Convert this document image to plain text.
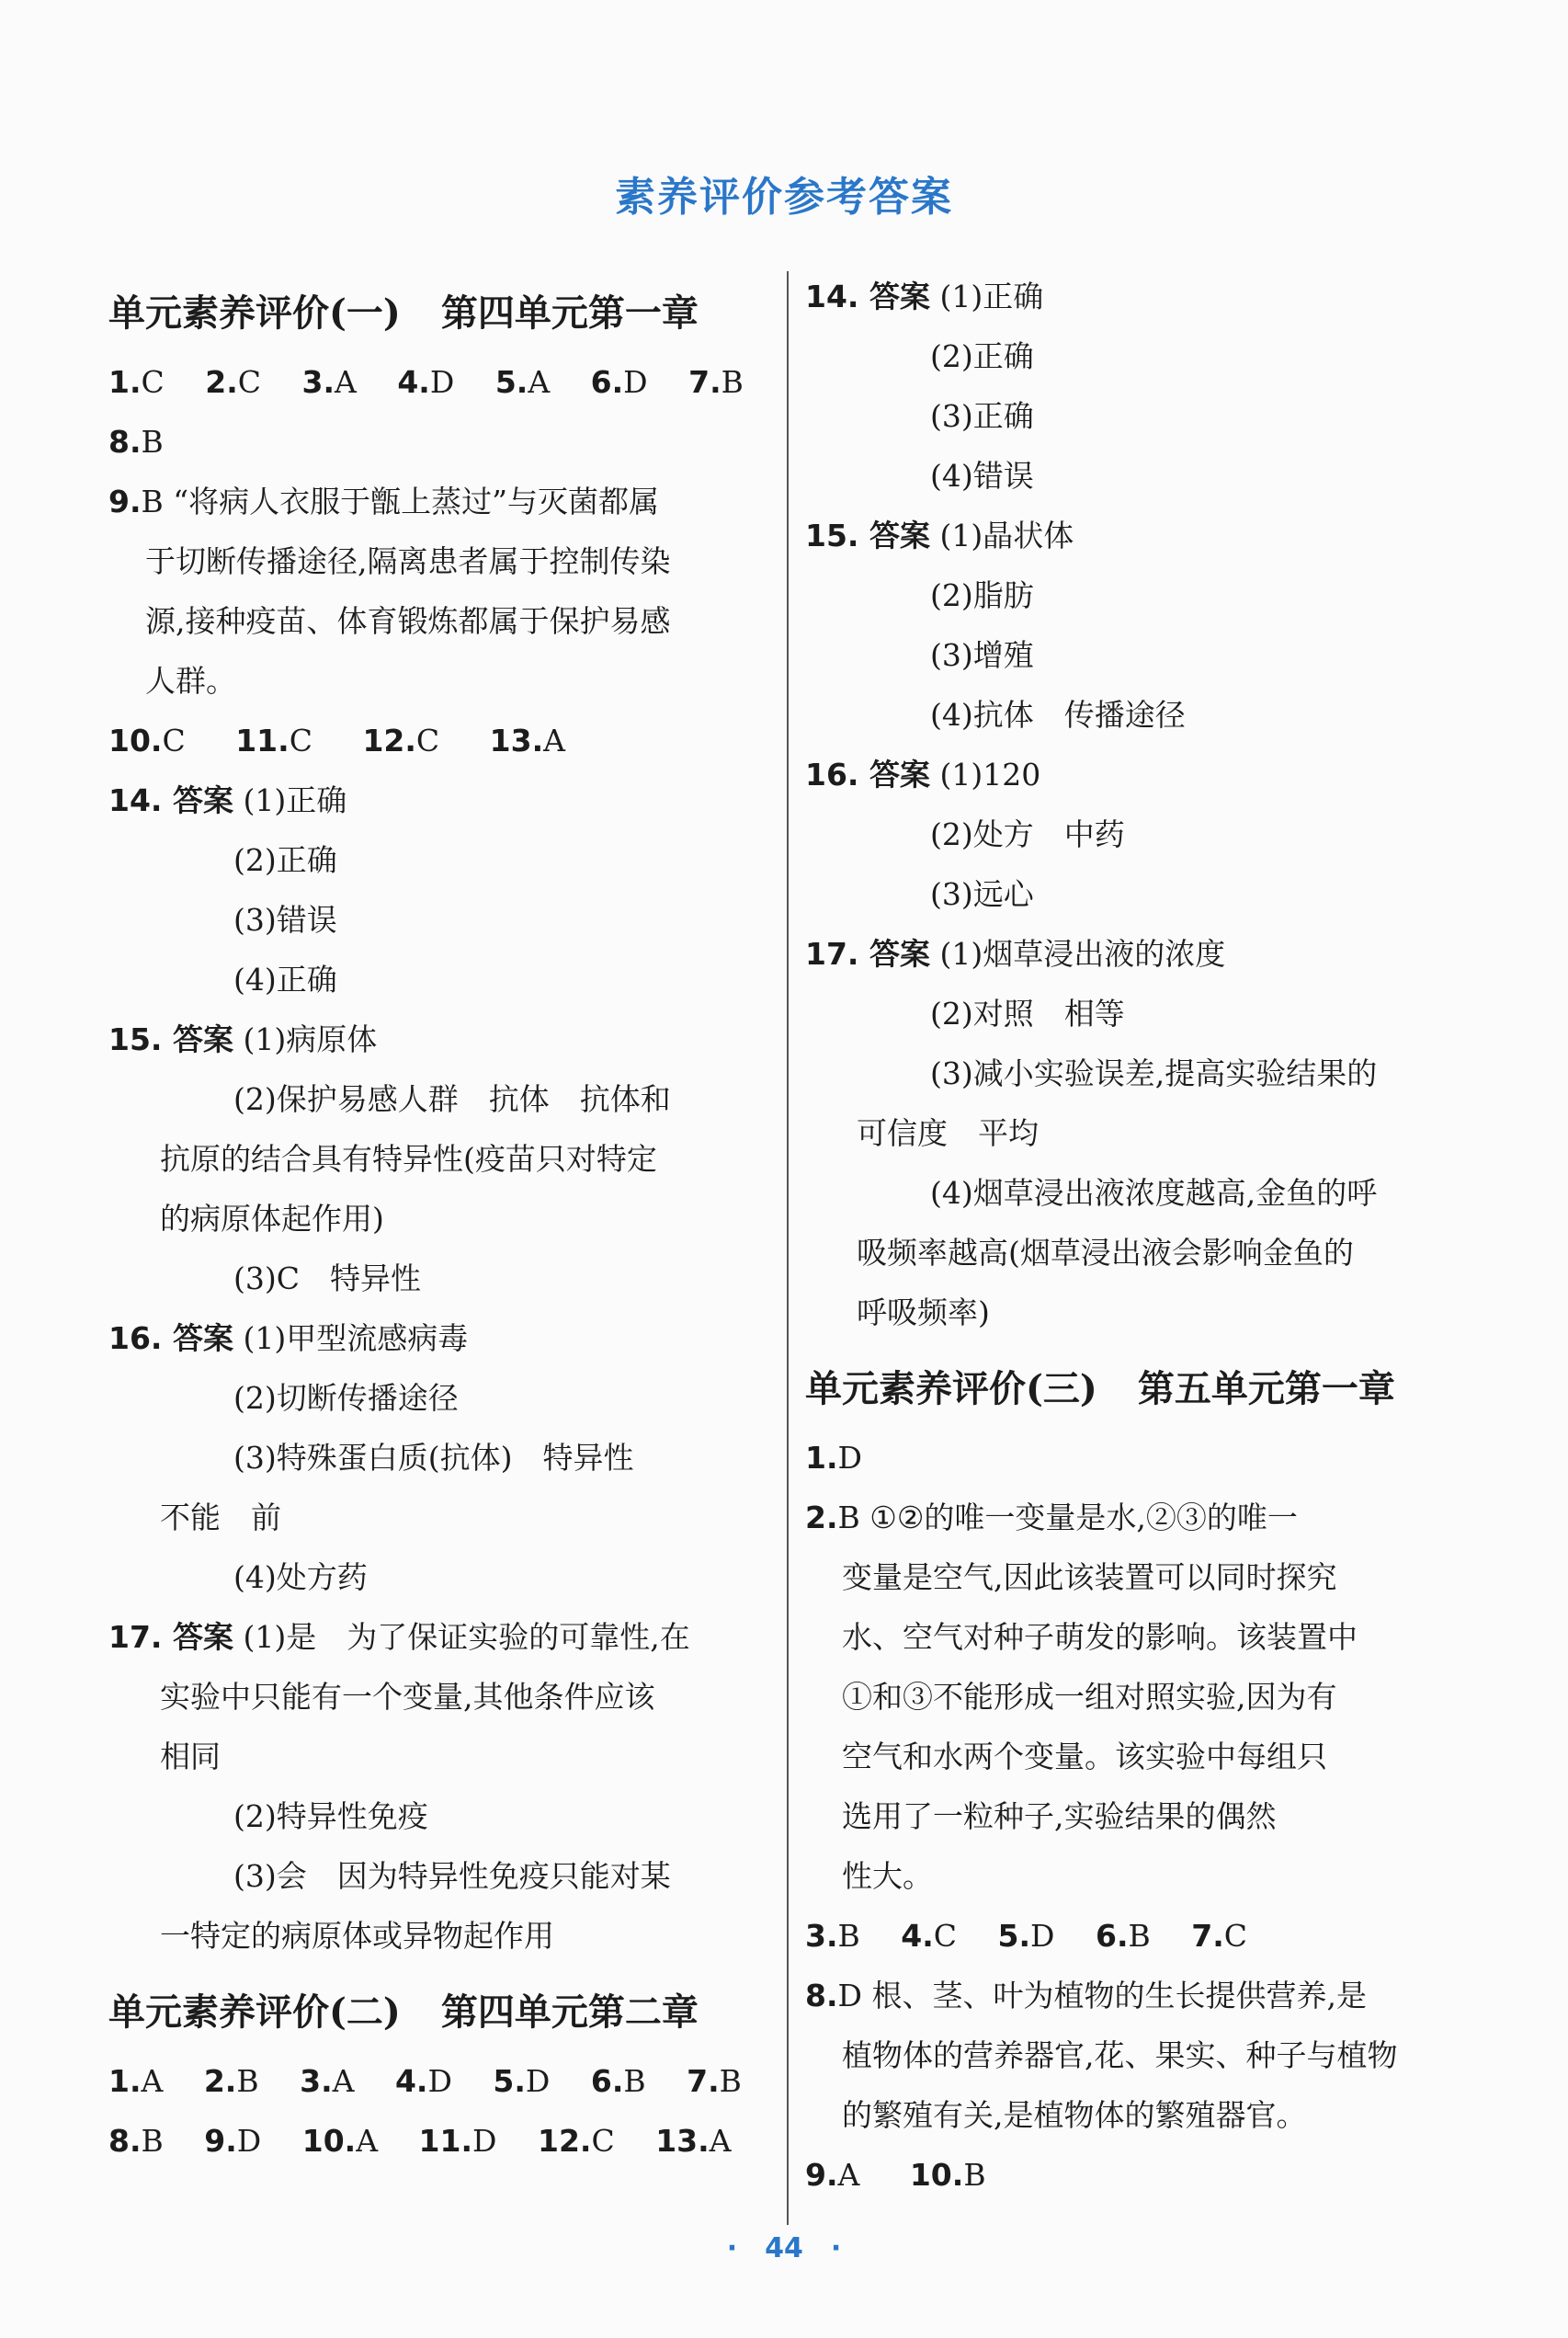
素养评价参考答案
单元素养评价(一) 第四单元第一章
1.C 2.C 3.A 4.D 5.A 6.D 7.B
8.B
9.B “将病人衣服于甑上蒸过”与灭菌都属
于切断传播途径,隔离患者属于控制传染
源,接种疫苗、体育锻炼都属于保护易感
人群。
10.C 11.C 12.C 13.A
14. 答案 (1)正确
(2)正确
(3)错误
(4)正确
15. 答案 (1)病原体
(2)保护易感人群　抗体　抗体和
抗原的结合具有特异性(疫苗只对特定
的病原体起作用)
(3)C　特异性
16. 答案 (1)甲型流感病毒
(2)切断传播途径
(3)特殊蛋白质(抗体)　特异性
不能　前
(4)处方药
17. 答案 (1)是　为了保证实验的可靠性,在
实验中只能有一个变量,其他条件应该
相同
(2)特异性免疫
(3)会　因为特异性免疫只能对某
一特定的病原体或异物起作用
单元素养评价(二) 第四单元第二章
1.A 2.B 3.A 4.D 5.D 6.B 7.B
8.B 9.D 10.A 11.D 12.C 13.A
14. 答案 (1)正确
(2)正确
(3)正确
(4)错误
15. 答案 (1)晶状体
(2)脂肪
(3)增殖
(4)抗体　传播途径
16. 答案 (1)120
(2)处方　中药
(3)远心
17. 答案 (1)烟草浸出液的浓度
(2)对照　相等
(3)减小实验误差,提高实验结果的
可信度　平均
(4)烟草浸出液浓度越高,金鱼的呼
吸频率越高(烟草浸出液会影响金鱼的
呼吸频率)
单元素养评价(三) 第五单元第一章
1.D
2.B ①②的唯一变量是水,②③的唯一
变量是空气,因此该装置可以同时探究
水、空气对种子萌发的影响。该装置中
①和③不能形成一组对照实验,因为有
空气和水两个变量。该实验中每组只
选用了一粒种子,实验结果的偶然
性大。
3.B 4.C 5.D 6.B 7.C
8.D 根、茎、叶为植物的生长提供营养,是
植物体的营养器官,花、果实、种子与植物
的繁殖有关,是植物体的繁殖器官。
9.A 10.B
· 44 ·
